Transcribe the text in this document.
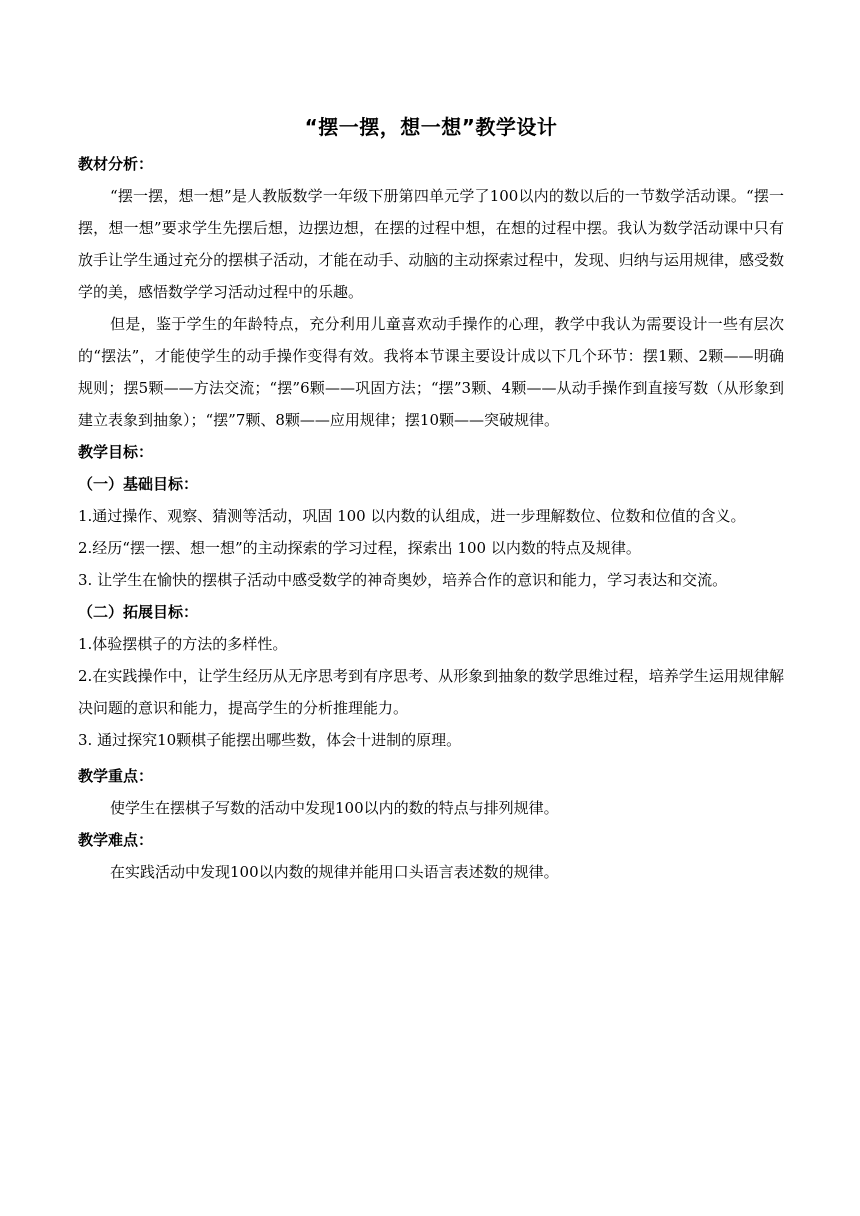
“摆一摆，想一想”教学设计
教材分析：

“摆一摆，想一想”是人教版数学一年级下册第四单元学了100以内的数以后的一节数学活动课。“摆一摆，想一想”要求学生先摆后想，边摆边想，在摆的过程中想，在想的过程中摆。我认为数学活动课中只有放手让学生通过充分的摆棋子活动，才能在动手、动脑的主动探索过程中，发现、归纳与运用规律，感受数学的美，感悟数学学习活动过程中的乐趣。

但是，鉴于学生的年龄特点，充分利用儿童喜欢动手操作的心理，教学中我认为需要设计一些有层次的“摆法”，才能使学生的动手操作变得有效。我将本节课主要设计成以下几个环节：摆1颗、2颗——明确规则；摆5颗——方法交流；“摆”6颗——巩固方法；“摆”3颗、4颗——从动手操作到直接写数（从形象到建立表象到抽象）；“摆”7颗、8颗——应用规律；摆10颗——突破规律。

教学目标：
（一）基础目标：

1.通过操作、观察、猜测等活动，巩固 100 以内数的认组成，进一步理解数位、位数和位值的含义。

2.经历“摆一摆、想一想”的主动探索的学习过程，探索出 100 以内数的特点及规律。

3. 让学生在愉快的摆棋子活动中感受数学的神奇奥妙，培养合作的意识和能力，学习表达和交流。

（二）拓展目标：

1.体验摆棋子的方法的多样性。

2.在实践操作中，让学生经历从无序思考到有序思考、从形象到抽象的数学思维过程，培养学生运用规律解决问题的意识和能力，提高学生的分析推理能力。

3. 通过探究10颗棋子能摆出哪些数，体会十进制的原理。

教学重点：

使学生在摆棋子写数的活动中发现100以内的数的特点与排列规律。

教学难点：

在实践活动中发现100以内数的规律并能用口头语言表述数的规律。
